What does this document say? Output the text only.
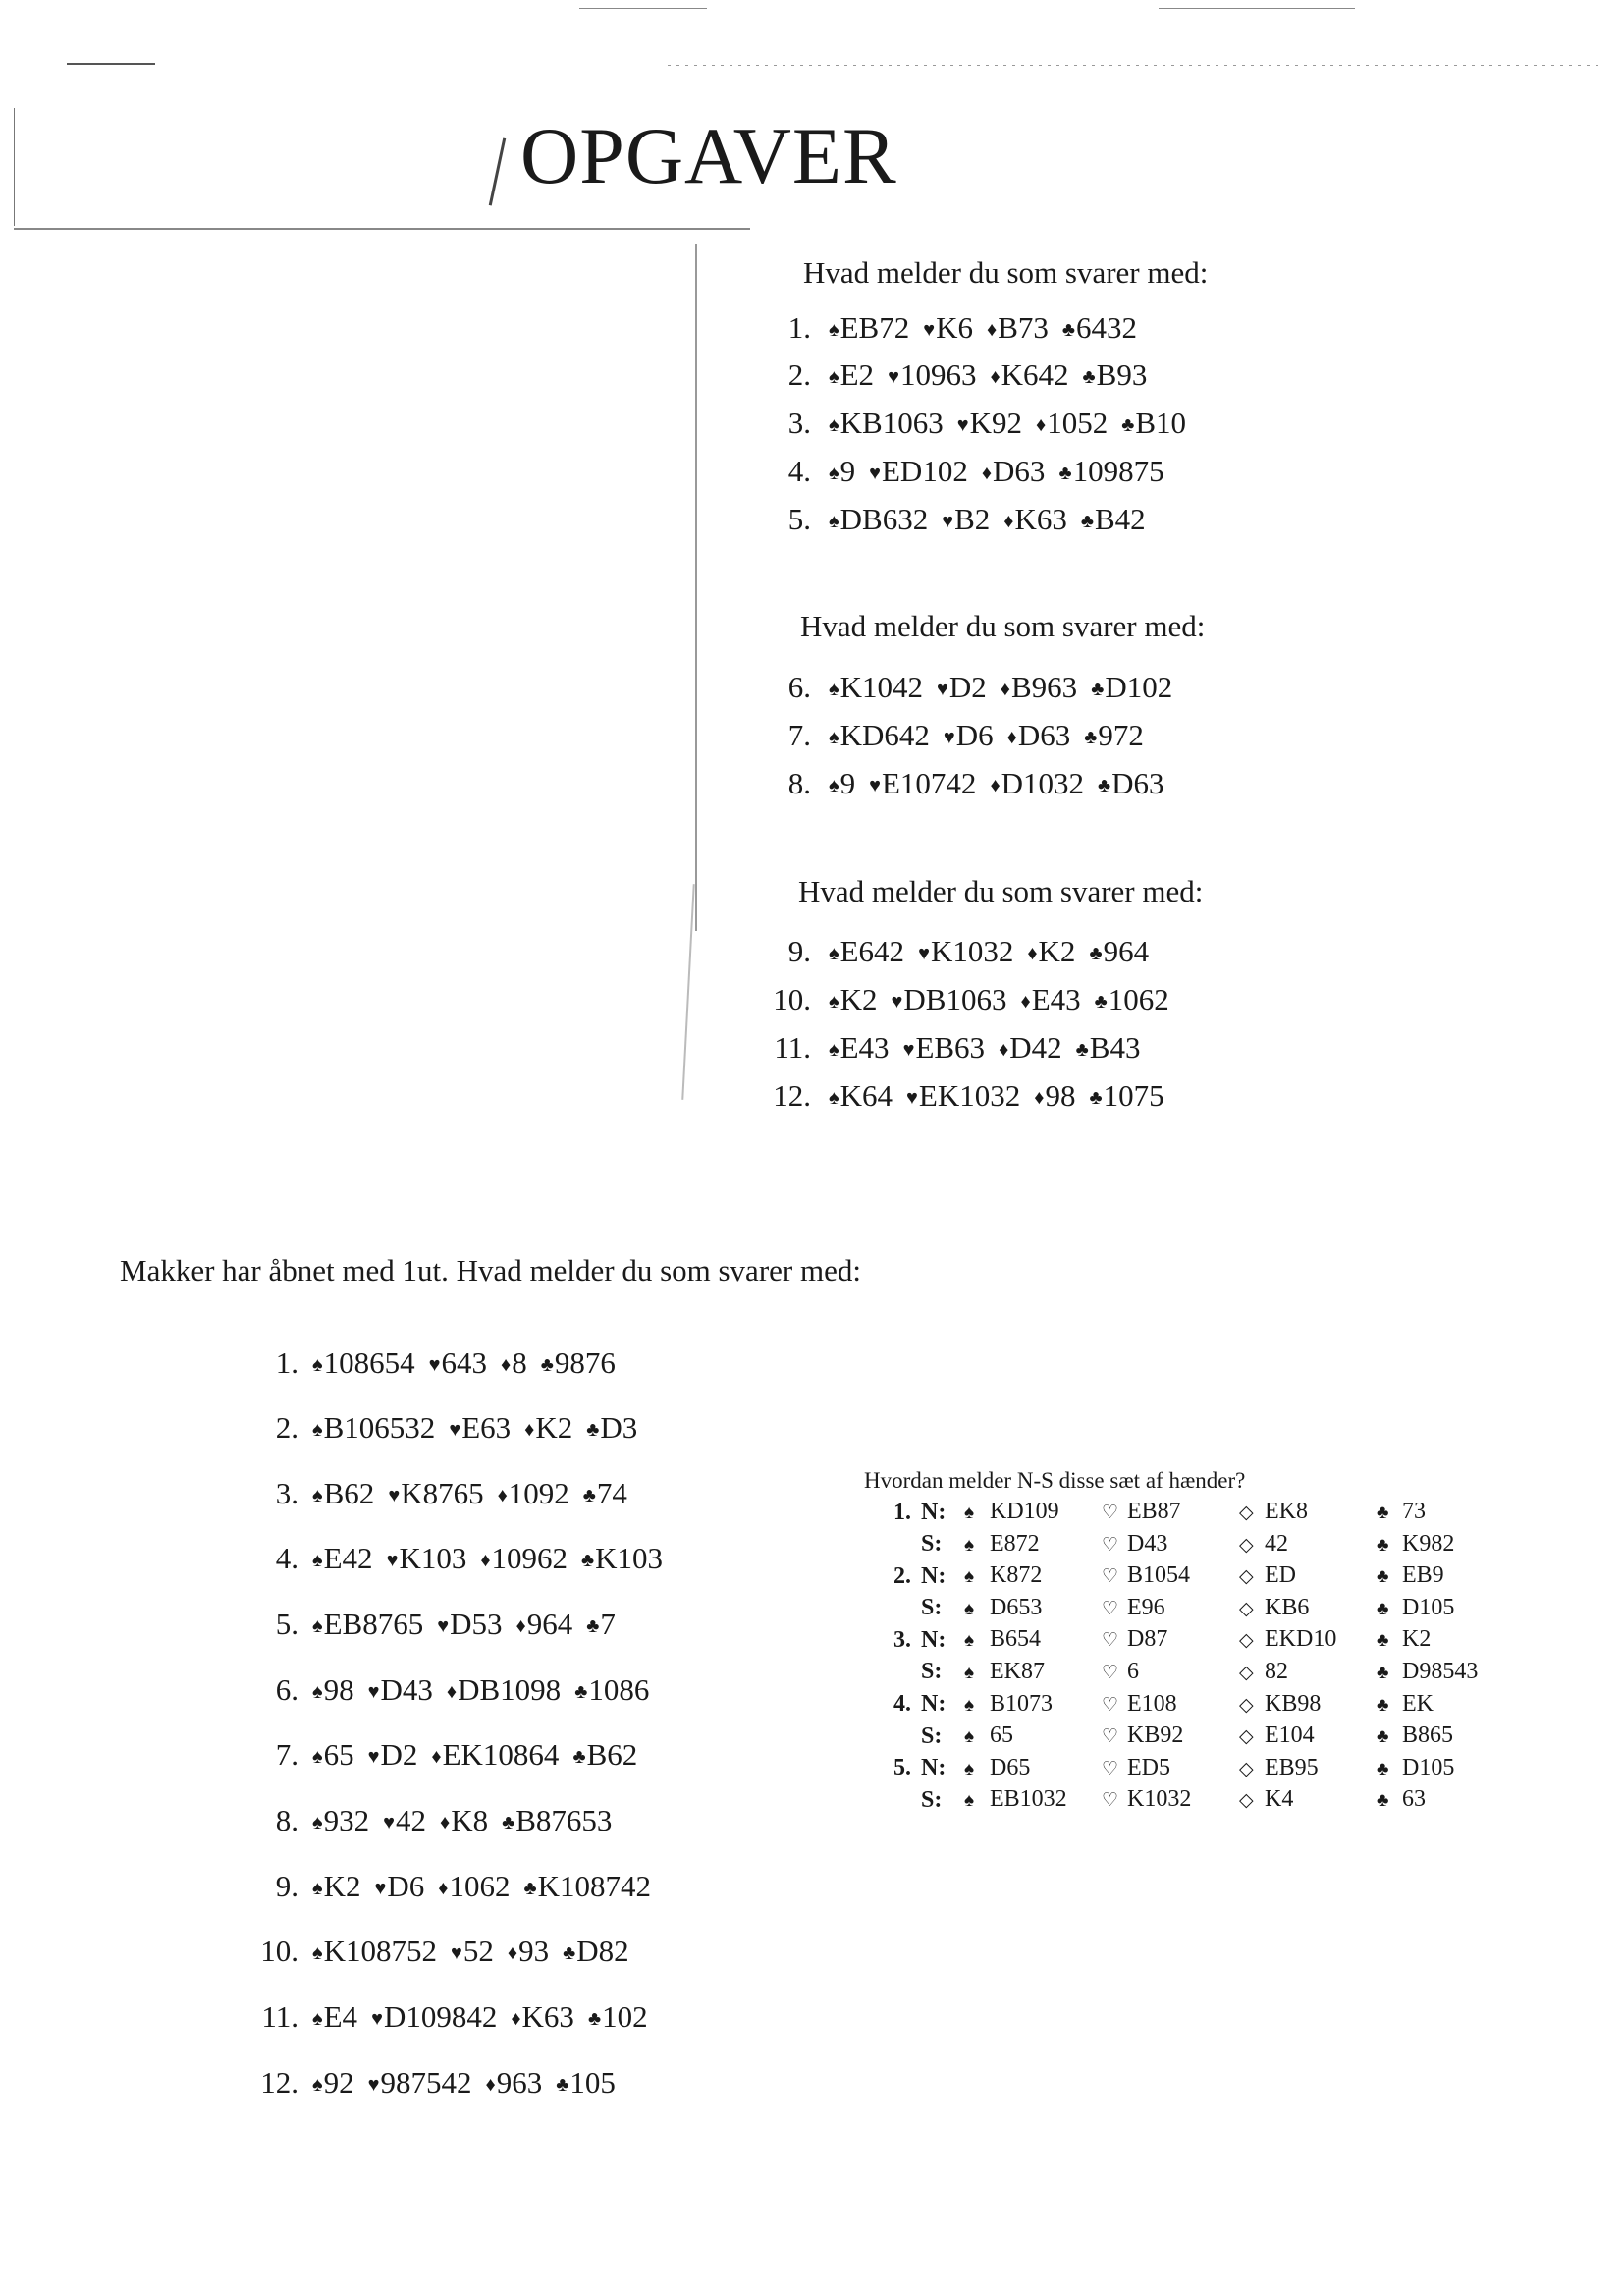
OPGAVER
Hvad melder du som svarer med:
1. ♠EB72 ♥K6 ♦B73 ♣6432
2. ♠E2 ♥10963 ♦K642 ♣B93
3. ♠KB1063 ♥K92 ♦1052 ♣B10
4. ♠9 ♥ED102 ♦D63 ♣109875
5. ♠DB632 ♥B2 ♦K63 ♣B42
Hvad melder du som svarer med:
6. ♠K1042 ♥D2 ♦B963 ♣D102
7. ♠KD642 ♥D6 ♦D63 ♣972
8. ♠9 ♥E10742 ♦D1032 ♣D63
Hvad melder du som svarer med:
9. ♠E642 ♥K1032 ♦K2 ♣964
10. ♠K2 ♥DB1063 ♦E43 ♣1062
11. ♠E43 ♥EB63 ♦D42 ♣B43
12. ♠K64 ♥EK1032 ♦98 ♣1075
Makker har åbnet med 1ut. Hvad melder du som svarer med:
1. ♠108654 ♥643 ♦8 ♣9876
2. ♠B106532 ♥E63 ♦K2 ♣D3
3. ♠B62 ♥K8765 ♦1092 ♣74
4. ♠E42 ♥K103 ♦10962 ♣K103
5. ♠EB8765 ♥D53 ♦964 ♣7
6. ♠98 ♥D43 ♦DB1098 ♣1086
7. ♠65 ♥D2 ♦EK10864 ♣B62
8. ♠932 ♥42 ♦K8 ♣B87653
9. ♠K2 ♥D6 ♦1062 ♣K108742
10. ♠K108752 ♥52 ♦93 ♣D82
11. ♠E4 ♥D109842 ♦K63 ♣102
12. ♠92 ♥987542 ♦963 ♣105
Hvordan melder N-S disse sæt af hænder?
1.	N:	♠ KD109	♡ EB87	◇ EK8	♣ 73
	S:	♠ E872	♡ D43	◇ 42	♣ K982
2.	N:	♠ K872	♡ B1054	◇ ED	♣ EB9
	S:	♠ D653	♡ E96	◇ KB6	♣ D105
3.	N:	♠ B654	♡ D87	◇ EKD10	♣ K2
	S:	♠ EK87	♡ 6	◇ 82	♣ D98543
4.	N:	♠ B1073	♡ E108	◇ KB98	♣ EK
	S:	♠ 65	♡ KB92	◇ E104	♣ B865
5.	N:	♠ D65	♡ ED5	◇ EB95	♣ D105
	S:	♠ EB1032	♡ K1032	◇ K4	♣ 63
